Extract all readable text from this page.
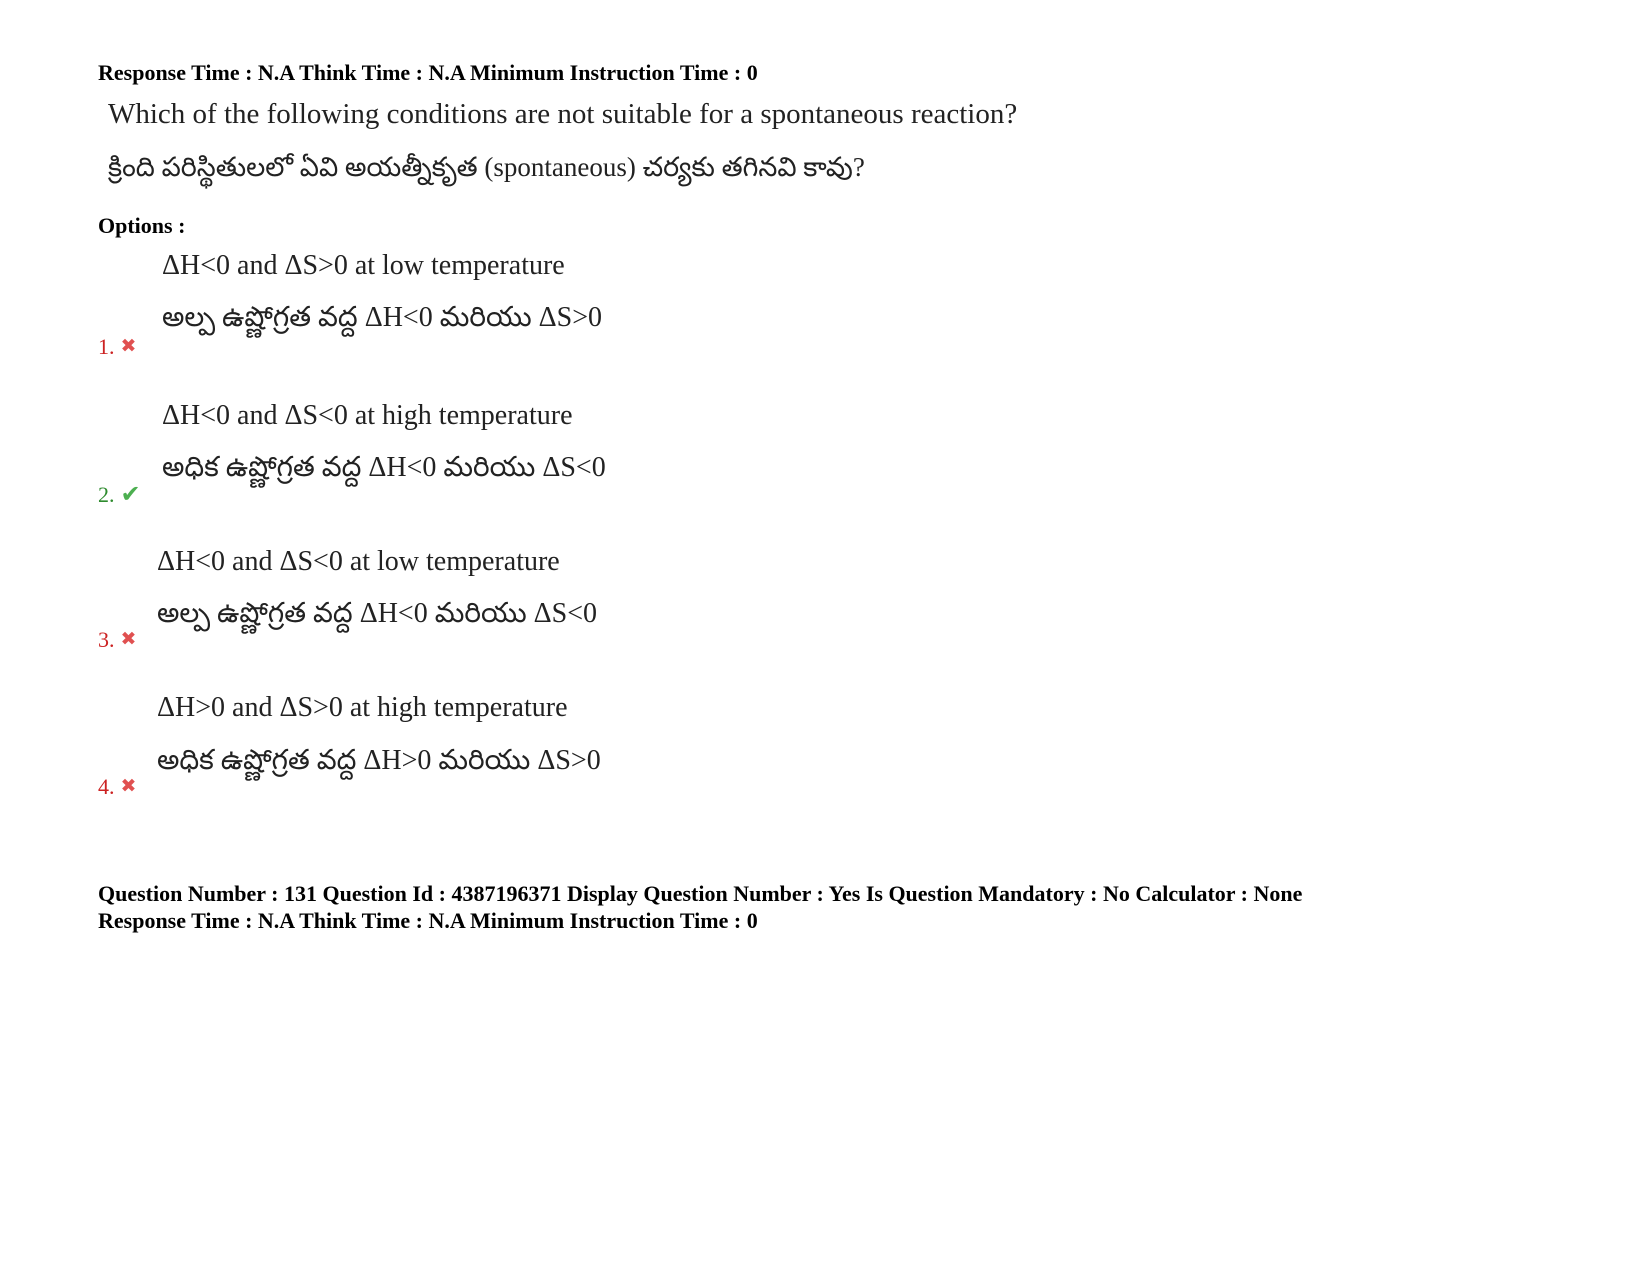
Response Time : N.A Think Time : N.A Minimum Instruction Time : 0
Which of the following conditions are not suitable for a spontaneous reaction?
క్రింది పరిస్థితులలో ఏవి అయత్నీకృత (spontaneous) చర్యకు తగినవి కావు?
Options :
ΔH<0 and ΔS>0 at low temperature
అల్ప ఉష్ణోగ్రత వద్ద ΔH<0 మరియు ΔS>0
1. ✖
ΔH<0 and ΔS<0 at high temperature
అధిక ఉష్ణోగ్రత వద్ద ΔH<0 మరియు ΔS<0
2. ✔
ΔH<0 and ΔS<0 at low temperature
అల్ప ఉష్ణోగ్రత వద్ద ΔH<0 మరియు ΔS<0
3. ✖
ΔH>0 and ΔS>0 at high temperature
అధిక ఉష్ణోగ్రత వద్ద ΔH>0 మరియు ΔS>0
4. ✖
Question Number : 131 Question Id : 4387196371 Display Question Number : Yes Is Question Mandatory : No Calculator : None
Response Time : N.A Think Time : N.A Minimum Instruction Time : 0
